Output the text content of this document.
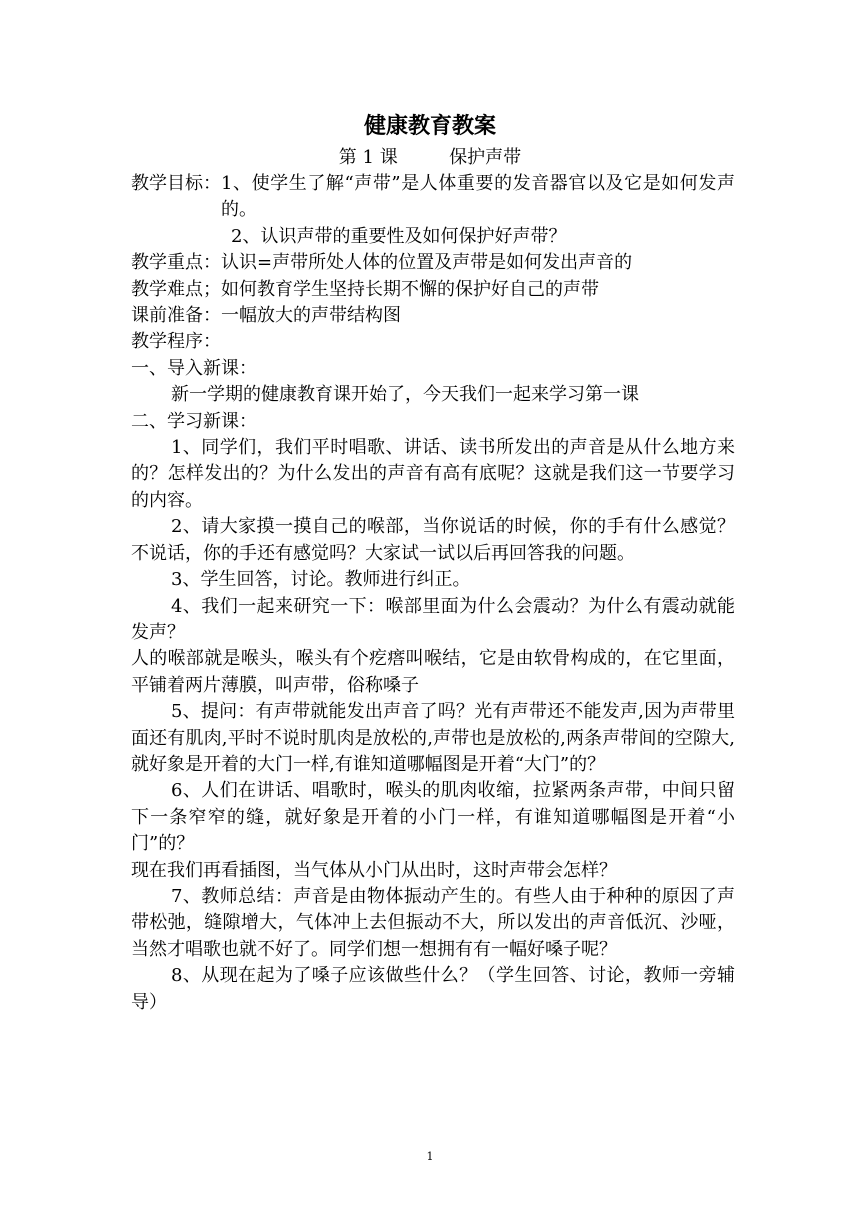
健康教育教案
第 1 课         保护声带
教学目标： 1、使学生了解“声带”是人体重要的发音器官以及它是如何发声的。

2、认识声带的重要性及如何保护好声带？

教学重点： 认识=声带所处人体的位置及声带是如何发出声音的
教学难点； 如何教育学生坚持长期不懈的保护好自己的声带
课前准备： 一幅放大的声带结构图

教学程序：

一、导入新课：

新一学期的健康教育课开始了，今天我们一起来学习第一课

二、学习新课：

1、同学们，我们平时唱歌、讲话、读书所发出的声音是从什么地方来的？怎样发出的？为什么发出的声音有高有底呢？这就是我们这一节要学习的内容。

2、请大家摸一摸自己的喉部，当你说话的时候，你的手有什么感觉？不说话，你的手还有感觉吗？大家试一试以后再回答我的问题。

3、学生回答，讨论。教师进行纠正。

4、我们一起来研究一下：喉部里面为什么会震动？为什么有震动就能发声？

人的喉部就是喉头，喉头有个疙瘩叫喉结，它是由软骨构成的，在它里面，平铺着两片薄膜，叫声带，俗称嗓子

5、提问：有声带就能发出声音了吗？光有声带还不能发声,因为声带里面还有肌肉,平时不说时肌肉是放松的,声带也是放松的,两条声带间的空隙大,就好象是开着的大门一样,有谁知道哪幅图是开着“大门”的？

6、人们在讲话、唱歌时，喉头的肌肉收缩，拉紧两条声带，中间只留下一条窄窄的缝，就好象是开着的小门一样，有谁知道哪幅图是开着“小门”的？

现在我们再看插图，当气体从小门从出时，这时声带会怎样？

7、教师总结：声音是由物体振动产生的。有些人由于种种的原因了声带松弛，缝隙增大，气体冲上去但振动不大，所以发出的声音低沉、沙哑，当然才唱歌也就不好了。同学们想一想拥有有一幅好嗓子呢？

8、从现在起为了嗓子应该做些什么？（学生回答、讨论，教师一旁辅导）

1
